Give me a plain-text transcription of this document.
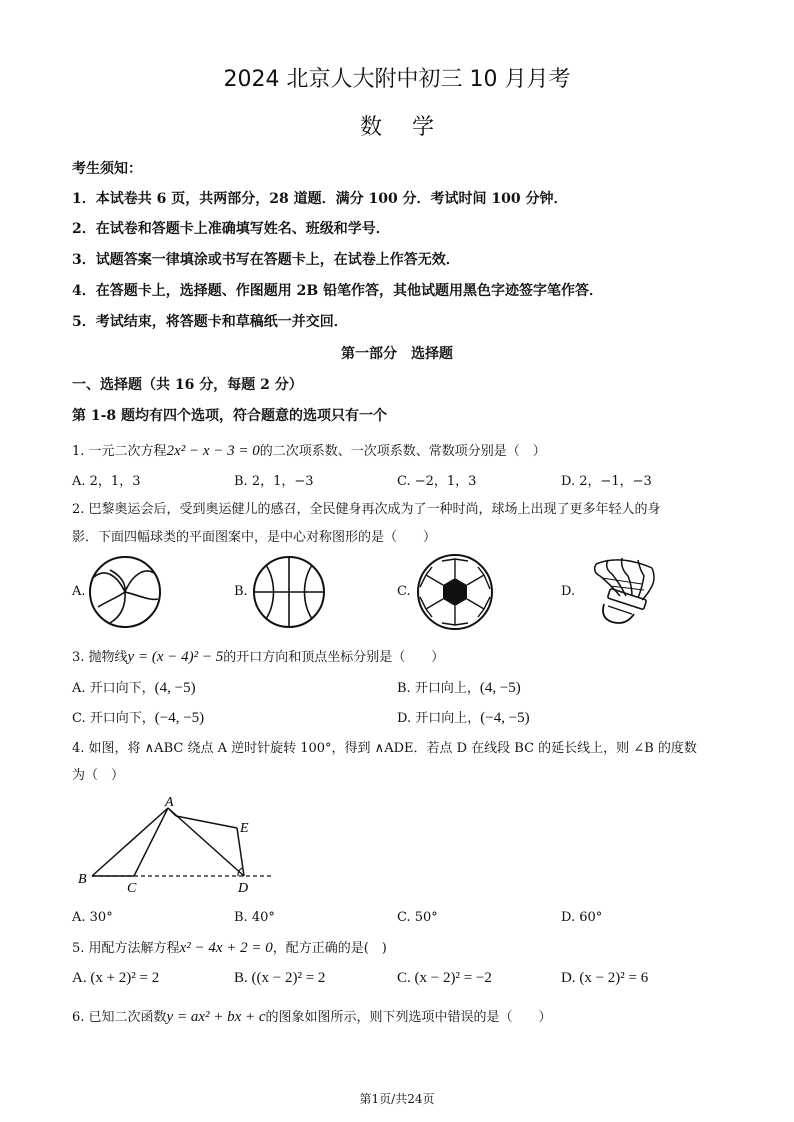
2024 北京人大附中初三 10 月月考
数学
考生须知：
1．本试卷共 6 页，共两部分，28 道题．满分 100 分．考试时间 100 分钟．
2．在试卷和答题卡上准确填写姓名、班级和学号．
3．试题答案一律填涂或书写在答题卡上，在试卷上作答无效．
4．在答题卡上，选择题、作图题用 2B 铅笔作答，其他试题用黑色字迹签字笔作答．
5．考试结束，将答题卡和草稿纸一并交回．
第一部分　选择题
一、选择题（共 16 分，每题 2 分）
第 1-8 题均有四个选项，符合题意的选项只有一个
1. 一元二次方程2x² − x − 3 = 0的二次项系数、一次项系数、常数项分别是（　）
A. 2，1，3	B. 2，1，−3	C. −2，1，3	D. 2，−1，−3
2. 巴黎奥运会后，受到奥运健儿的感召，全民健身再次成为了一种时尚，球场上出现了更多年轻人的身
影．下面四幅球类的平面图案中，是中心对称图形的是（　　）
A.	B.	C.	D.
3. 抛物线y = (x − 4)² − 5的开口方向和顶点坐标分别是（　　）
A. 开口向下，(4, −5)	B. 开口向上，(4, −5)
C. 开口向下，(−4, −5)	D. 开口向上，(−4, −5)
4. 如图，将 ∧ABC 绕点 A 逆时针旋转 100°，得到 ∧ADE．若点 D 在线段 BC 的延长线上，则 ∠B 的度数
为（　）
A
E
B
C	D
A. 30°	B. 40°	C. 50°	D. 60°
5. 用配方法解方程x² − 4x + 2 = 0，配方正确的是(　)
A. (x + 2)² = 2	B. ((x − 2)² = 2	C. (x − 2)² = −2	D. (x − 2)² = 6
6. 已知二次函数y = ax² + bx + c的图象如图所示，则下列选项中错误的是（　　）
第1页/共24页
